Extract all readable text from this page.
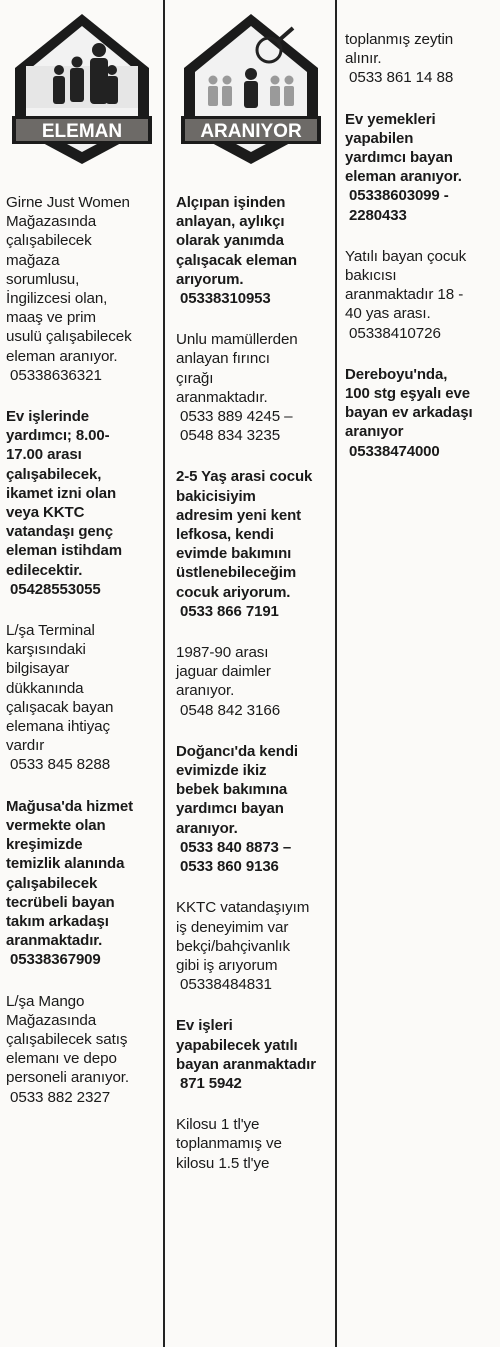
ELEMAN	ARANIYOR
Girne Just Women
Mağazasında
çalışabilecek
mağaza
sorumlusu,
İngilizcesi olan,
maaş ve prim
usulü çalışabilecek
eleman aranıyor.
05338636321
Ev işlerinde
yardımcı; 8.00-
17.00 arası
çalışabilecek,
ikamet izni olan
veya KKTC
vatandaşı genç
eleman istihdam
edilecektir.
05428553055
L/şa Terminal
karşısındaki
bilgisayar
dükkanında
çalışacak bayan
elemana ihtiyaç
vardır
0533 845 8288
Mağusa'da hizmet
vermekte olan
kreşimizde
temizlik alanında
çalışabilecek
tecrübeli bayan
takım arkadaşı
aranmaktadır.
05338367909
L/şa Mango
Mağazasında
çalışabilecek satış
elemanı ve depo
personeli aranıyor.
0533 882 2327
Alçıpan işinden
anlayan, aylıkçı
olarak yanımda
çalışacak eleman
arıyorum.
05338310953
Unlu mamüllerden
anlayan fırıncı
çırağı
aranmaktadır.
0533 889 4245 –
0548 834 3235
2-5 Yaş arasi cocuk
bakicisiyim
adresim yeni kent
lefkosa, kendi
evimde bakımını
üstlenebileceğim
cocuk ariyorum.
0533 866 7191
1987-90 arası
jaguar daimler
aranıyor.
0548 842 3166
Doğancı'da kendi
evimizde ikiz
bebek bakımına
yardımcı bayan
aranıyor.
0533 840 8873 –
0533 860 9136
KKTC vatandaşıyım
iş deneyimim var
bekçi/bahçivanlık
gibi iş arıyorum
05338484831
Ev işleri
yapabilecek yatılı
bayan aranmaktadır
871 5942
Kilosu 1 tl'ye
toplanmamış ve
kilosu 1.5 tl'ye
toplanmış zeytin
alınır.
0533 861 14 88
Ev yemekleri
yapabilen
yardımcı bayan
eleman aranıyor.
05338603099 -
2280433
Yatılı bayan çocuk
bakıcısı
aranmaktadır 18 -
40 yas arası.
05338410726
Dereboyu'nda,
100 stg eşyalı eve
bayan ev arkadaşı
aranıyor
05338474000
